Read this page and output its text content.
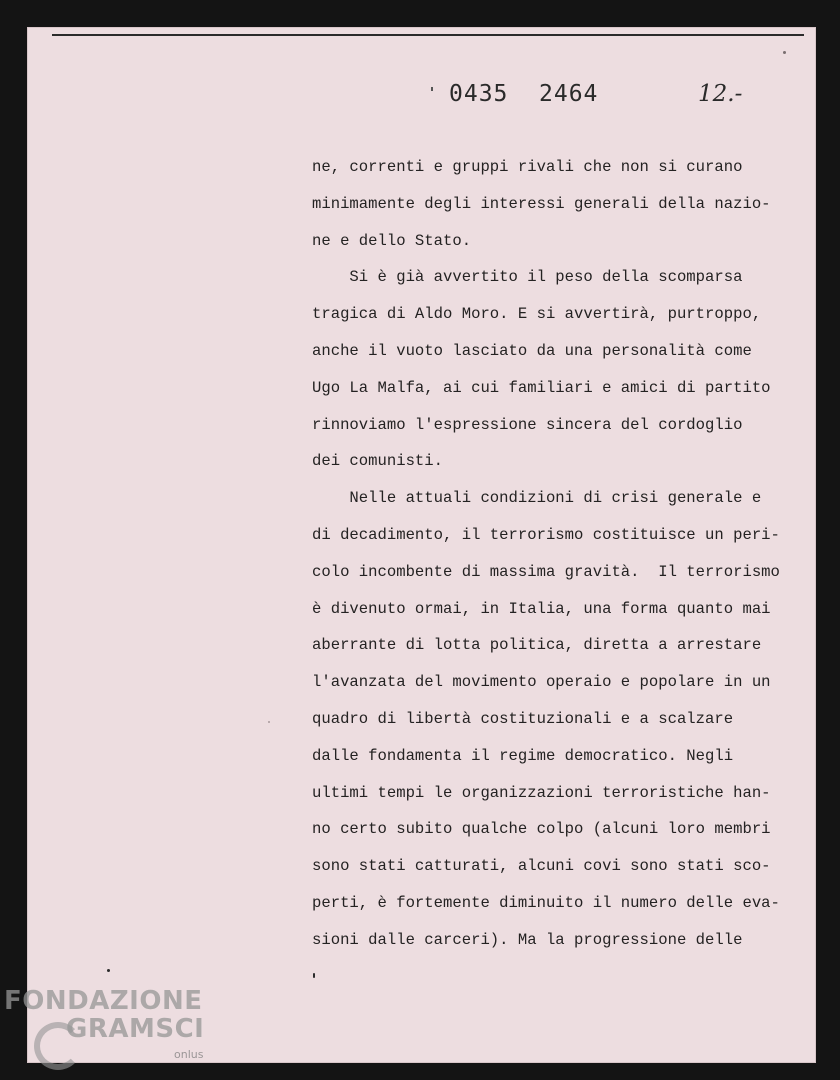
0435 2464	12.-
ne, correnti e gruppi rivali che non si curano
minimamente degli interessi generali della nazio-
ne e dello Stato.
Si è già avvertito il peso della scomparsa
tragica di Aldo Moro. E si avvertirà, purtroppo,
anche il vuoto lasciato da una personalità come
Ugo La Malfa, ai cui familiari e amici di partito
rinnoviamo l'espressione sincera del cordoglio
dei comunisti.
Nelle attuali condizioni di crisi generale e
di decadimento, il terrorismo costituisce un peri-
colo incombente di massima gravità.  Il terrorismo
è divenuto ormai, in Italia, una forma quanto mai
aberrante di lotta politica, diretta a arrestare
l'avanzata del movimento operaio e popolare in un
quadro di libertà costituzionali e a scalzare
dalle fondamenta il regime democratico. Negli
ultimi tempi le organizzazioni terroristiche han-
no certo subito qualche colpo (alcuni loro membri
sono stati catturati, alcuni covi sono stati sco-
perti, è fortemente diminuito il numero delle eva-
sioni dalle carceri). Ma la progressione delle
FONDAZIONE
GRAMSCI
onlus
